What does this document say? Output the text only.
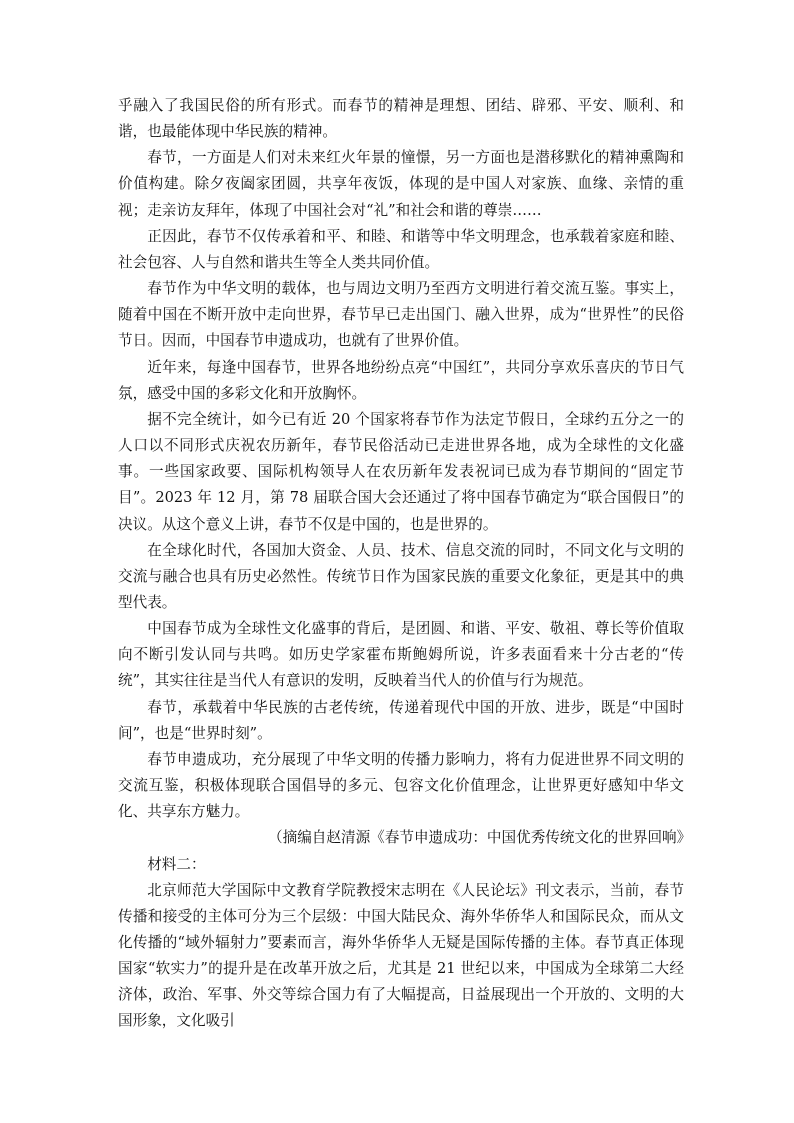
乎融入了我国民俗的所有形式。而春节的精神是理想、团结、辟邪、平安、顺利、和谐，也最能体现中华民族的精神。

春节，一方面是人们对未来红火年景的憧憬，另一方面也是潜移默化的精神熏陶和价值构建。除夕夜阖家团圆，共享年夜饭，体现的是中国人对家族、血缘、亲情的重视；走亲访友拜年，体现了中国社会对“礼”和社会和谐的尊崇……

正因此，春节不仅传承着和平、和睦、和谐等中华文明理念，也承载着家庭和睦、社会包容、人与自然和谐共生等全人类共同价值。

春节作为中华文明的载体，也与周边文明乃至西方文明进行着交流互鉴。事实上，随着中国在不断开放中走向世界，春节早已走出国门、融入世界，成为“世界性”的民俗节日。因而，中国春节申遗成功，也就有了世界价值。

近年来，每逢中国春节，世界各地纷纷点亮“中国红”，共同分享欢乐喜庆的节日气氛，感受中国的多彩文化和开放胸怀。

据不完全统计，如今已有近 20 个国家将春节作为法定节假日，全球约五分之一的人口以不同形式庆祝农历新年，春节民俗活动已走进世界各地，成为全球性的文化盛事。一些国家政要、国际机构领导人在农历新年发表祝词已成为春节期间的“固定节目”。2023 年 12 月，第 78 届联合国大会还通过了将中国春节确定为“联合国假日”的决议。从这个意义上讲，春节不仅是中国的，也是世界的。

在全球化时代，各国加大资金、人员、技术、信息交流的同时，不同文化与文明的交流与融合也具有历史必然性。传统节日作为国家民族的重要文化象征，更是其中的典型代表。

中国春节成为全球性文化盛事的背后，是团圆、和谐、平安、敬祖、尊长等价值取向不断引发认同与共鸣。如历史学家霍布斯鲍姆所说，许多表面看来十分古老的“传统”，其实往往是当代人有意识的发明，反映着当代人的价值与行为规范。

春节，承载着中华民族的古老传统，传递着现代中国的开放、进步，既是“中国时间”，也是“世界时刻”。

春节申遗成功，充分展现了中华文明的传播力影响力，将有力促进世界不同文明的交流互鉴，积极体现联合国倡导的多元、包容文化价值理念，让世界更好感知中华文化、共享东方魅力。

（摘编自赵清源《春节申遗成功：中国优秀传统文化的世界回响》

材料二：

北京师范大学国际中文教育学院教授宋志明在《人民论坛》刊文表示，当前，春节传播和接受的主体可分为三个层级：中国大陆民众、海外华侨华人和国际民众，而从文化传播的“域外辐射力”要素而言，海外华侨华人无疑是国际传播的主体。春节真正体现国家“软实力”的提升是在改革开放之后，尤其是 21 世纪以来，中国成为全球第二大经济体，政治、军事、外交等综合国力有了大幅提高，日益展现出一个开放的、文明的大国形象，文化吸引
